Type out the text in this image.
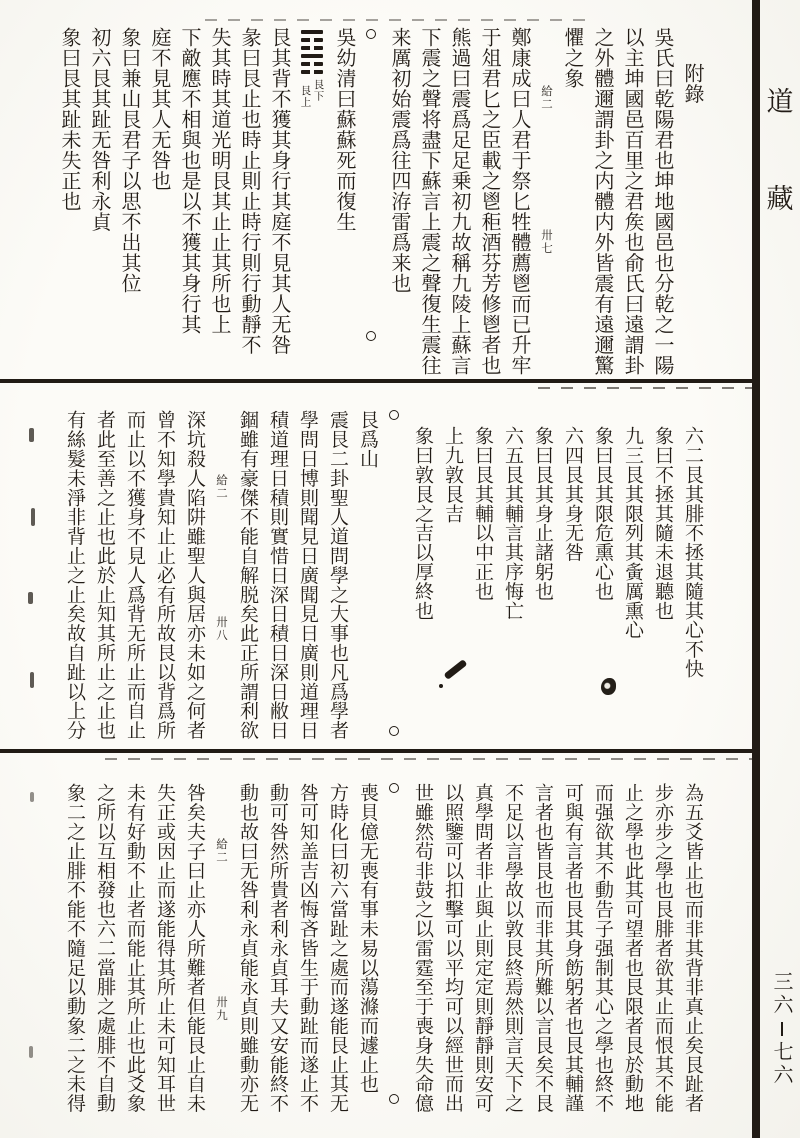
附錄
吳氏曰乾陽君也坤地國邑也分乾之一陽
以主坤國邑百里之君矦也俞氏曰遠謂卦
之外體邇謂卦之内體内外皆震有遠邇驚
懼之象
給二
卅七
鄭康成曰人君于祭匕牲體薦鬯而已升牢
于俎君匕之臣載之鬯秬酒芬芳修鬯者也
熊過曰震爲足足乗初九故稱九陵上蘇言
下震之聲将盡下蘇言上震之聲復生震往
来厲初始震爲往四洊雷爲来也
吳幼清曰蘇蘇死而復生
艮下
艮上
艮其背不獲其身行其庭不見其人无咎
彖曰艮止也時止則止時行則行動靜不
失其時其道光明艮其止止其所也上
下敵應不相與也是以不獲其身行其
庭不見其人无咎也
象曰兼山艮君子以思不出其位
初六艮其趾无咎利永貞
象曰艮其趾未失正也
六二艮其腓不拯其隨其心不快
象曰不拯其隨未退聽也
九三艮其限列其夤厲熏心
象曰艮其限危熏心也
六四艮其身无咎
象曰艮其身止諸躬也
六五艮其輔言其序悔亡
象曰艮其輔以中正也
上九敦艮吉
象曰敦艮之吉以厚終也
艮爲山
震艮二卦聖人道問學之大事也凡爲學者
學問日博則聞見日廣聞見日廣則道理日
積道理日積則實惜日深日積日深日敝日
錮雖有豪傑不能自解脱矣此正所謂利欲
給二
卅八
深坑殺人陷阱雖聖人與居亦未如之何者
曾不知學貴知止止必有所故艮以背爲所
而止以不獲身不見人爲背无所止而自止
者此至善之止也此於止知其所止之止也
有絲髮未淨非背止之止矣故自趾以上分
為五爻皆止也而非其背非真止矣艮趾者
步亦步之學也艮腓者欲其止而恨其不能
止之學也此其可望者也艮限者艮於動地
而强欲其不動告子强制其心之學也終不
可與有言者也艮其身飭躬者也艮其輔謹
言者也皆艮也而非其所難以言艮矣不艮
不足以言學故以敦艮終焉然則言天下之
真學問者非止與止則定定則靜靜則安可
以照鑒可以扣擊可以平均可以經世而出
世雖然茍非鼓之以雷霆至于喪身失命億
喪貝億无喪有事未易以蕩滌而遽止也
方時化曰初六當趾之處而遂能艮止其无
咎可知盖吉凶悔吝皆生于動趾而遂止不
動可咎然所貴者利永貞耳夫又安能終不
動也故曰无咎利永貞能永貞則雖動亦无
給二
卅九
咎矣夫子曰止亦人所難者但能艮止自未
失正或因止而遂能得其所止未可知耳世
未有好動不止者而能止其所止也此爻象
之所以互相發也六二當腓之處腓不自動
象二之止腓不能不隨足以動象二之未得
道
藏
三六
七六
